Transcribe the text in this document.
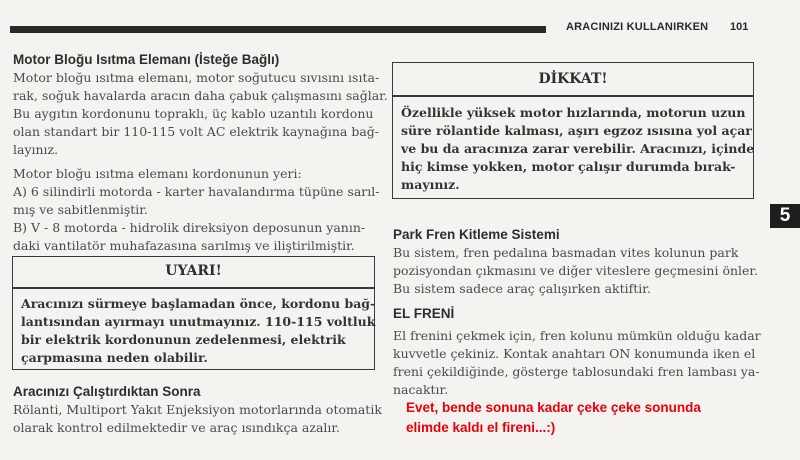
ARACINIZI KULLANIRKEN 101
5
Motor Bloğu Isıtma Elemanı (İsteğe Bağlı)
Motor bloğu ısıtma elemanı, motor soğutucu sıvısını ısıta-
rak, soğuk havalarda aracın daha çabuk çalışmasını sağlar.
Bu aygıtın kordonunu topraklı, üç kablo uzantılı kordonu
olan standart bir 110-115 volt AC elektrik kaynağına bağ-
layınız.
Motor bloğu ısıtma elemanı kordonunun yeri:
A) 6 silindirli motorda - karter havalandırma tüpüne sarıl-
mış ve sabitlenmiştir.
B) V - 8 motorda - hidrolik direksiyon deposunun yanın-
daki vantilatör muhafazasına sarılmış ve iliştirilmiştir.
UYARI!
Aracınızı sürmeye başlamadan önce, kordonu bağ-
lantısından ayırmayı unutmayınız. 110-115 voltluk
bir elektrik kordonunun zedelenmesi, elektrik
çarpmasına neden olabilir.
Aracınızı Çalıştırdıktan Sonra
Rölanti, Multiport Yakıt Enjeksiyon motorlarında otomatik
olarak kontrol edilmektedir ve araç ısındıkça azalır.
DİKKAT!
Özellikle yüksek motor hızlarında, motorun uzun
süre rölantide kalması, aşırı egzoz ısısına yol açar
ve bu da aracınıza zarar verebilir. Aracınızı, içinde
hiç kimse yokken, motor çalışır durumda bırak-
mayınız.
Park Fren Kitleme Sistemi
Bu sistem, fren pedalına basmadan vites kolunun park
pozisyondan çıkmasını ve diğer viteslere geçmesini önler.
Bu sistem sadece araç çalışırken aktiftir.
EL FRENİ
El frenini çekmek için, fren kolunu mümkün olduğu kadar
kuvvetle çekiniz. Kontak anahtarı ON konumunda iken el
freni çekildiğinde, gösterge tablosundaki fren lambası ya-
nacaktır.
Evet, bende sonuna kadar çeke çeke sonunda
elimde kaldı el fireni...:)
